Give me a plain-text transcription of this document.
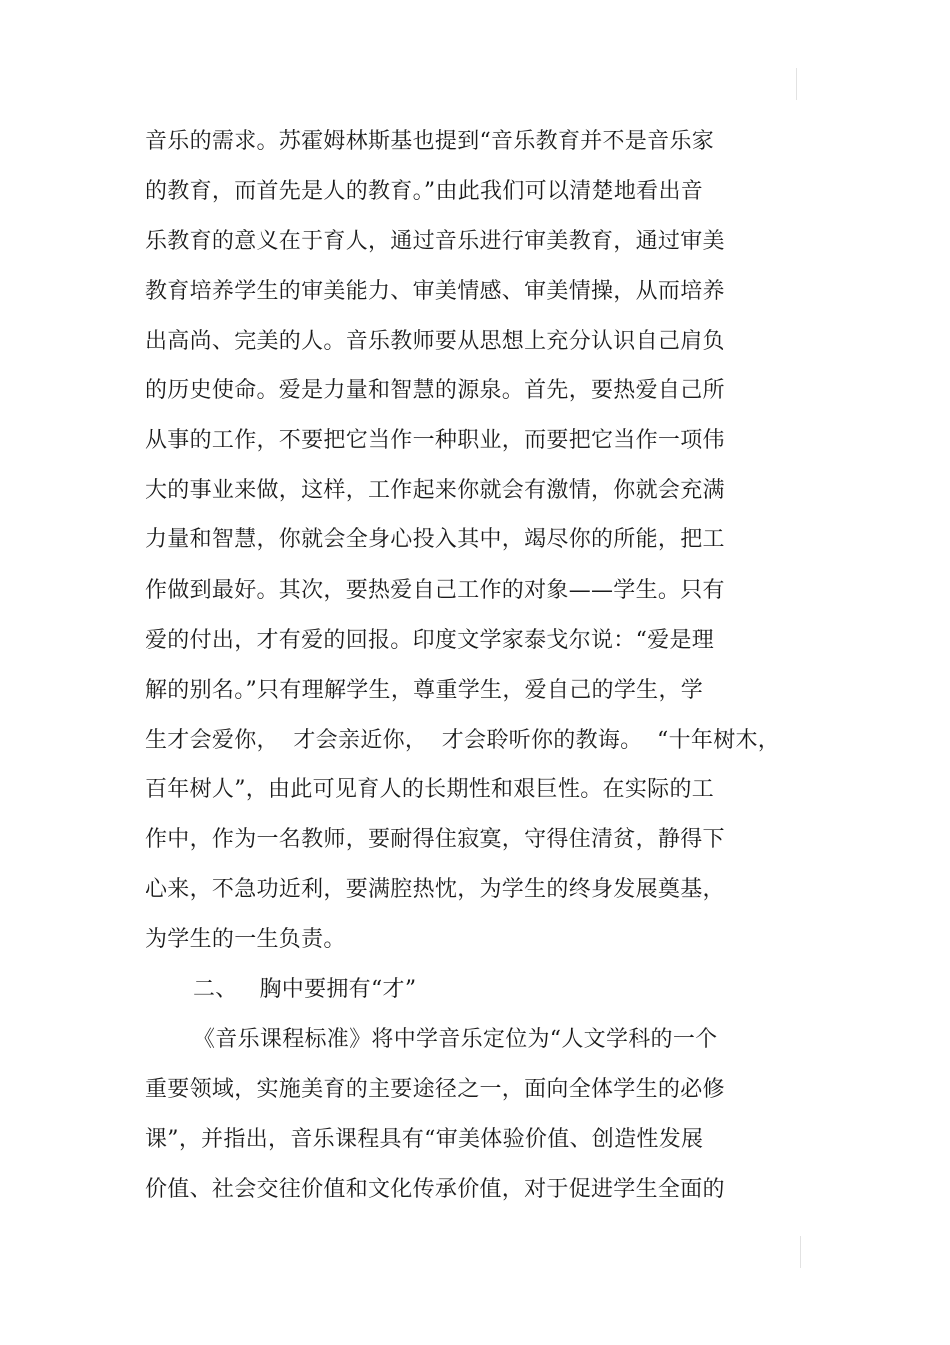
音乐的需求。苏霍姆林斯基也提到“音乐教育并不是音乐家
的教育，而首先是人的教育。”由此我们可以清楚地看出音
乐教育的意义在于育人，通过音乐进行审美教育，通过审美
教育培养学生的审美能力、审美情感、审美情操，从而培养
出高尚、完美的人。音乐教师要从思想上充分认识自己肩负
的历史使命。爱是力量和智慧的源泉。首先，要热爱自己所
从事的工作，不要把它当作一种职业，而要把它当作一项伟
大的事业来做，这样，工作起来你就会有激情，你就会充满
力量和智慧，你就会全身心投入其中，竭尽你的所能，把工
作做到最好。其次，要热爱自己工作的对象——学生。只有
爱的付出，才有爱的回报。印度文学家泰戈尔说：“爱是理
解的别名。”只有理解学生，尊重学生，爱自己的学生，学
生才会爱你，  才会亲近你，  才会聆听你的教诲。  “十年树木，
百年树人”，由此可见育人的长期性和艰巨性。在实际的工
作中，作为一名教师，要耐得住寂寞，守得住清贫，静得下
心来，不急功近利，要满腔热忱，为学生的终身发展奠基，
为学生的一生负责。
二、   胸中要拥有“才”
《音乐课程标准》将中学音乐定位为“人文学科的一个
重要领域，实施美育的主要途径之一，面向全体学生的必修
课”，并指出，音乐课程具有“审美体验价值、创造性发展
价值、社会交往价值和文化传承价值，对于促进学生全面的
